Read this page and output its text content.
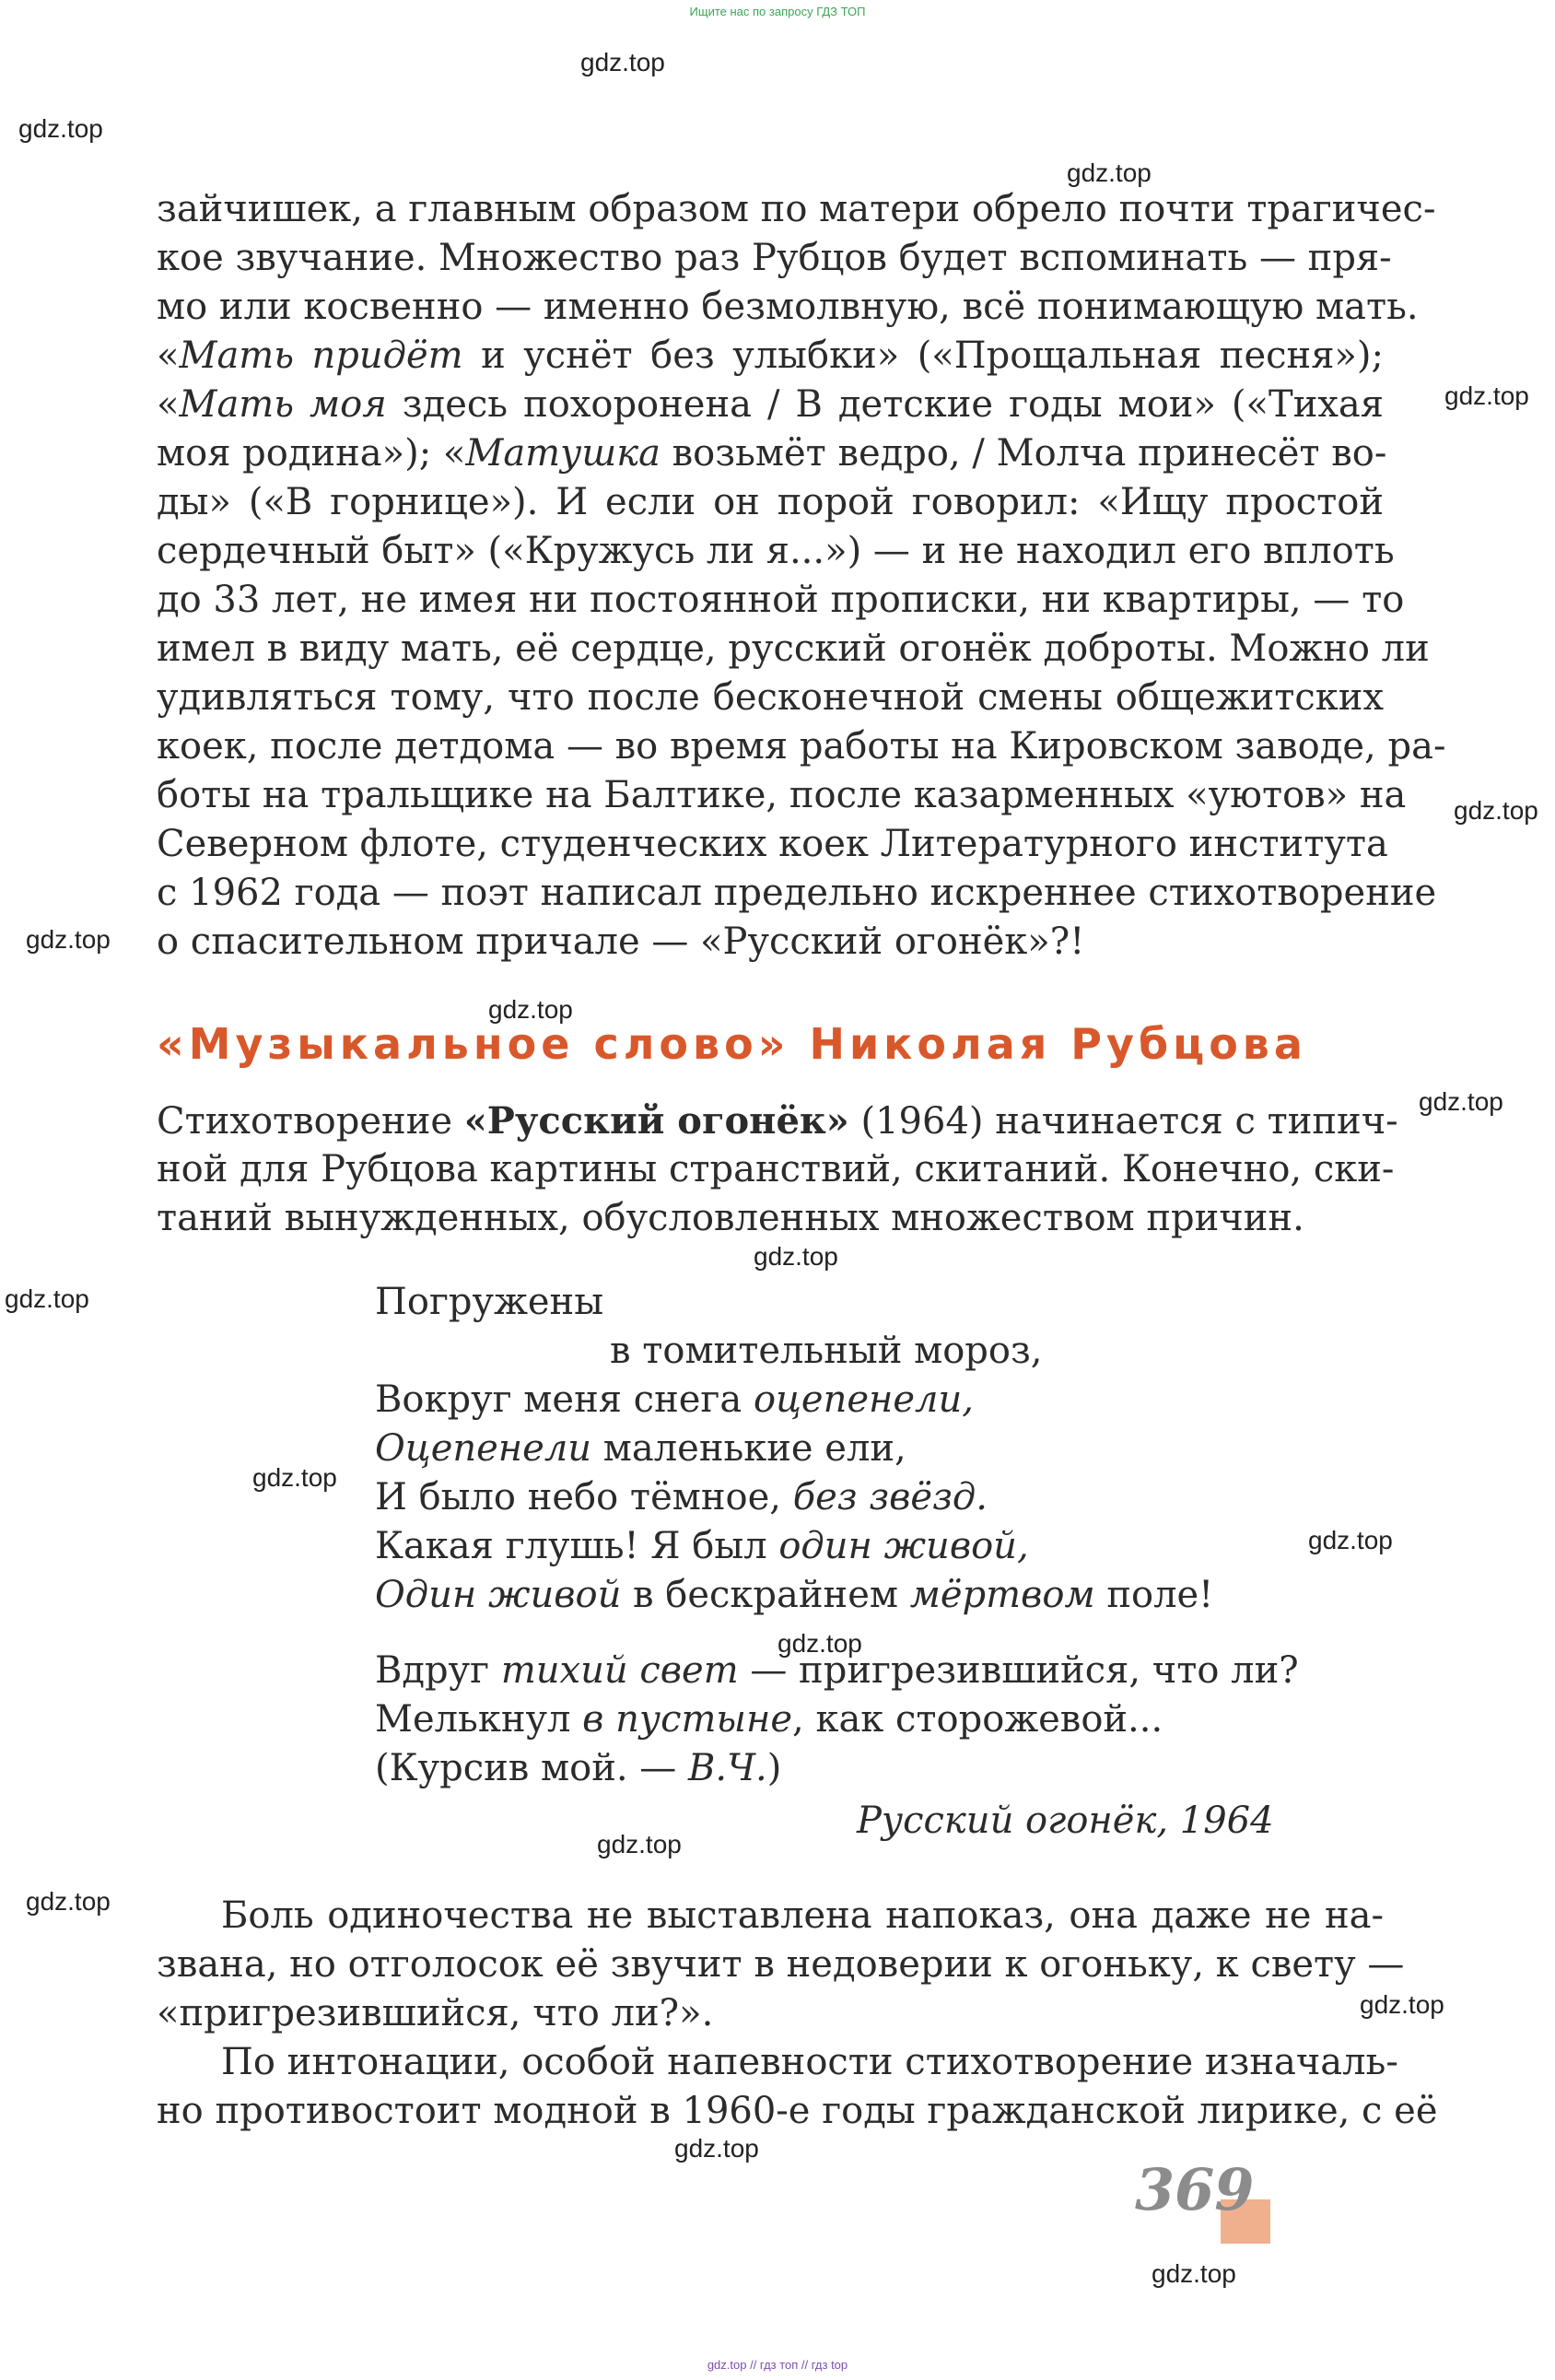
Ищите нас по запросу ГДЗ ТОП
gdz.top
gdz.top
gdz.top
gdz.top
gdz.top
gdz.top
gdz.top
gdz.top
gdz.top
gdz.top
gdz.top
gdz.top
gdz.top
gdz.top
gdz.top
gdz.top
gdz.top
gdz.top

зайчишек, а главным образом по матери обрело почти трагичес-

кое звучание. Множество раз Рубцов будет вспоминать — пря-

мо или косвенно — именно безмолвную, всё понимающую мать.

«Мать придёт и уснёт без улыбки» («Прощальная песня»);

«Мать моя здесь похоронена / В детские годы мои» («Тихая

моя родина»); «Матушка возьмёт ведро, / Молча принесёт во-

ды» («В горнице»). И если он порой говорил: «Ищу простой

сердечный быт» («Кружусь ли я...») — и не находил его вплоть

до 33 лет, не имея ни постоянной прописки, ни квартиры, — то

имел в виду мать, её сердце, русский огонёк доброты. Можно ли

удивляться тому, что после бесконечной смены общежитских

коек, после детдома — во время работы на Кировском заводе, ра-

боты на тральщике на Балтике, после казарменных «уютов» на

Северном флоте, студенческих коек Литературного института

с 1962 года — поэт написал предельно искреннее стихотворение

о спасительном причале — «Русский огонёк»?!

«Музыкальное слово» Николая Рубцова

Стихотворение «Русский огонёк» (1964) начинается с типич-

ной для Рубцова картины странствий, скитаний. Конечно, ски-

таний вынужденных, обусловленных множеством причин.

Погружены

в томительный мороз,

Вокруг меня снега оцепенели,

Оцепенели маленькие ели,

И было небо тёмное, без звёзд.

Какая глушь! Я был один живой,

Один живой в бескрайнем мёртвом поле!

Вдруг тихий свет — пригрезившийся, что ли?

Мелькнул в пустыне, как сторожевой...

(Курсив мой. — В.Ч.)

Русский огонёк, 1964

Боль одиночества не выставлена напоказ, она даже не на-

звана, но отголосок её звучит в недоверии к огоньку, к свету —

«пригрезившийся, что ли?».

По интонации, особой напевности стихотворение изначаль-

но противостоит модной в 1960-е годы гражданской лирике, с её

369
gdz.top // гдз топ // гдз top
